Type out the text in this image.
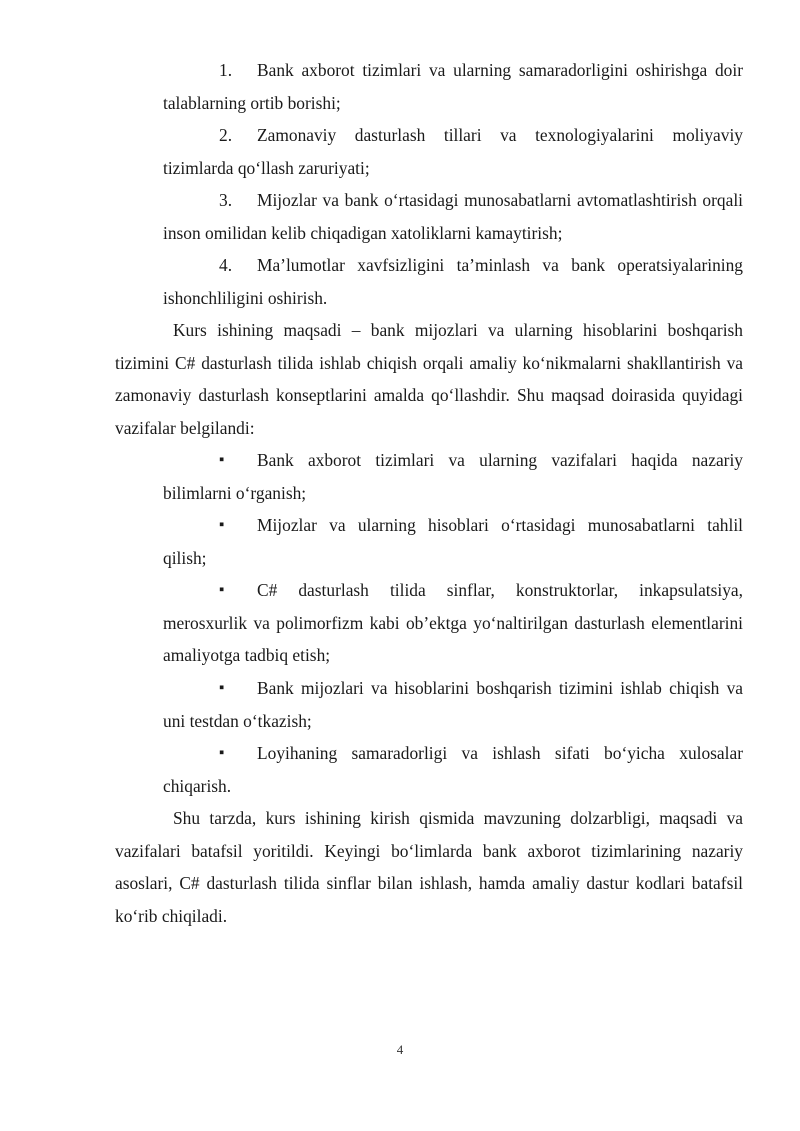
1. Bank axborot tizimlari va ularning samaradorligini oshirishga doir talablarning ortib borishi;
2. Zamonaviy dasturlash tillari va texnologiyalarini moliyaviy tizimlarda qo‘llash zaruriyati;
3. Mijozlar va bank o‘rtasidagi munosabatlarni avtomatlashtirish orqali inson omilidan kelib chiqadigan xatoliklarni kamaytirish;
4. Ma’lumotlar xavfsizligini ta’minlash va bank operatsiyalarining ishonchliligini oshirish.
Kurs ishining maqsadi – bank mijozlari va ularning hisoblarini boshqarish tizimini C# dasturlash tilida ishlab chiqish orqali amaliy ko‘nikmalarni shakllantirish va zamonaviy dasturlash konseptlarini amalda qo‘llashdir. Shu maqsad doirasida quyidagi vazifalar belgilandi:
▪ Bank axborot tizimlari va ularning vazifalari haqida nazariy bilimlarni o‘rganish;
▪ Mijozlar va ularning hisoblari o‘rtasidagi munosabatlarni tahlil qilish;
▪ C# dasturlash tilida sinflar, konstruktorlar, inkapsulatsiya, merosxurlik va polimorfizm kabi ob’ektga yo‘naltirilgan dasturlash elementlarini amaliyotga tadbiq etish;
▪ Bank mijozlari va hisoblarini boshqarish tizimini ishlab chiqish va uni testdan o‘tkazish;
▪ Loyihaning samaradorligi va ishlash sifati bo‘yicha xulosalar chiqarish.
Shu tarzda, kurs ishining kirish qismida mavzuning dolzarbligi, maqsadi va vazifalari batafsil yoritildi. Keyingi bo‘limlarda bank axborot tizimlarining nazariy asoslari, C# dasturlash tilida sinflar bilan ishlash, hamda amaliy dastur kodlari batafsil ko‘rib chiqiladi.
4
